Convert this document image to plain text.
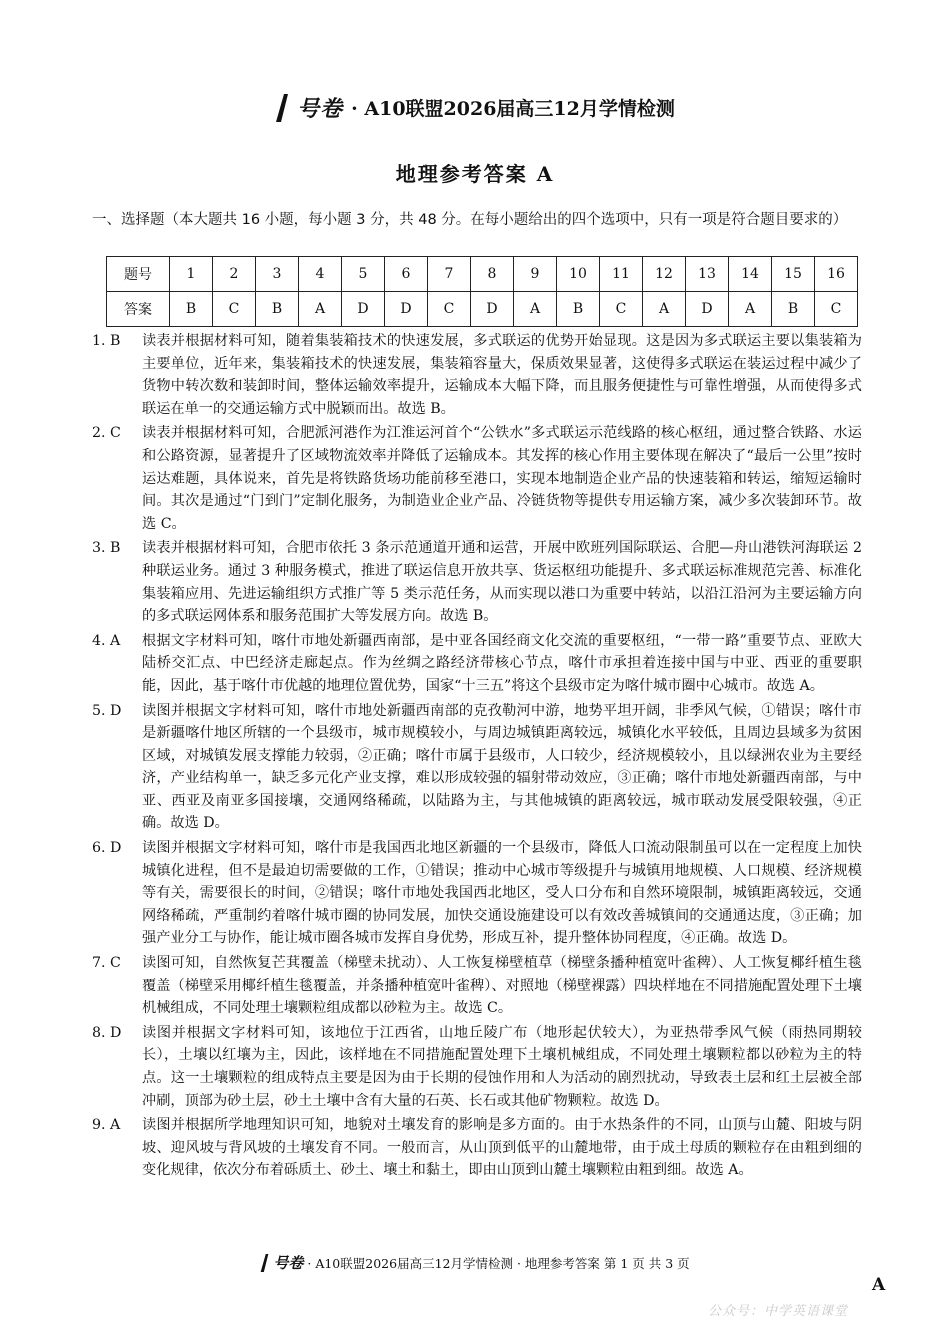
号卷 · A10联盟2026届高三12月学情检测
地理参考答案 A
一、选择题（本大题共 16 小题，每小题 3 分，共 48 分。在每小题给出的四个选项中，只有一项是符合题目要求的）
题号	1	2	3	4	5	6	7	8	9	10	11	12	13	14	15	16
答案	B	C	B	A	D	D	C	D	A	B	C	A	D	A	B	C
1. B	读表并根据材料可知，随着集装箱技术的快速发展，多式联运的优势开始显现。这是因为多式联运主要以集装箱为主要单位，近年来，集装箱技术的快速发展，集装箱容量大，保质效果显著，这使得多式联运在装运过程中减少了货物中转次数和装卸时间，整体运输效率提升，运输成本大幅下降，而且服务便捷性与可靠性增强，从而使得多式联运在单一的交通运输方式中脱颖而出。故选 B。
2. C	读表并根据材料可知，合肥派河港作为江淮运河首个“公铁水”多式联运示范线路的核心枢纽，通过整合铁路、水运和公路资源，显著提升了区域物流效率并降低了运输成本。其发挥的核心作用主要体现在解决了“最后一公里”按时运达难题，具体说来，首先是将铁路货场功能前移至港口，实现本地制造企业产品的快速装箱和转运，缩短运输时间。其次是通过“门到门”定制化服务，为制造业企业产品、冷链货物等提供专用运输方案，减少多次装卸环节。故选 C。
3. B	读表并根据材料可知，合肥市依托 3 条示范通道开通和运营，开展中欧班列国际联运、合肥—舟山港铁河海联运 2 种联运业务。通过 3 种服务模式，推进了联运信息开放共享、货运枢纽功能提升、多式联运标准规范完善、标准化集装箱应用、先进运输组织方式推广等 5 类示范任务，从而实现以港口为重要中转站，以沿江沿河为主要运输方向的多式联运网体系和服务范围扩大等发展方向。故选 B。
4. A	根据文字材料可知，喀什市地处新疆西南部，是中亚各国经商文化交流的重要枢纽，“一带一路”重要节点、亚欧大陆桥交汇点、中巴经济走廊起点。作为丝绸之路经济带核心节点，喀什市承担着连接中国与中亚、西亚的重要职能，因此，基于喀什市优越的地理位置优势，国家“十三五”将这个县级市定为喀什城市圈中心城市。故选 A。
5. D	读图并根据文字材料可知，喀什市地处新疆西南部的克孜勒河中游，地势平坦开阔，非季风气候，①错误；喀什市是新疆喀什地区所辖的一个县级市，城市规模较小，与周边城镇距离较远，城镇化水平较低，且周边县域多为贫困区域，对城镇发展支撑能力较弱，②正确；喀什市属于县级市，人口较少，经济规模较小，且以绿洲农业为主要经济，产业结构单一，缺乏多元化产业支撑，难以形成较强的辐射带动效应，③正确；喀什市地处新疆西南部，与中亚、西亚及南亚多国接壤，交通网络稀疏，以陆路为主，与其他城镇的距离较远，城市联动发展受限较强，④正确。故选 D。
6. D	读图并根据文字材料可知，喀什市是我国西北地区新疆的一个县级市，降低人口流动限制虽可以在一定程度上加快城镇化进程，但不是最迫切需要做的工作，①错误；推动中心城市等级提升与城镇用地规模、人口规模、经济规模等有关，需要很长的时间，②错误；喀什市地处我国西北地区，受人口分布和自然环境限制，城镇距离较远，交通网络稀疏，严重制约着喀什城市圈的协同发展，加快交通设施建设可以有效改善城镇间的交通通达度，③正确；加强产业分工与协作，能让城市圈各城市发挥自身优势，形成互补，提升整体协同程度，④正确。故选 D。
7. C	读图可知，自然恢复芒萁覆盖（梯壁未扰动）、人工恢复梯壁植草（梯壁条播种植宽叶雀稗）、人工恢复椰纤植生毯覆盖（梯壁采用椰纤植生毯覆盖，并条播种植宽叶雀稗）、对照地（梯壁裸露）四块样地在不同措施配置处理下土壤机械组成，不同处理土壤颗粒组成都以砂粒为主。故选 C。
8. D	读图并根据文字材料可知，该地位于江西省，山地丘陵广布（地形起伏较大），为亚热带季风气候（雨热同期较长），土壤以红壤为主，因此，该样地在不同措施配置处理下土壤机械组成，不同处理土壤颗粒都以砂粒为主的特点。这一土壤颗粒的组成特点主要是因为由于长期的侵蚀作用和人为活动的剧烈扰动，导致表土层和红土层被全部冲刷，顶部为砂土层，砂土土壤中含有大量的石英、长石或其他矿物颗粒。故选 D。
9. A	读图并根据所学地理知识可知，地貌对土壤发育的影响是多方面的。由于水热条件的不同，山顶与山麓、阳坡与阴坡、迎风坡与背风坡的土壤发育不同。一般而言，从山顶到低平的山麓地带，由于成土母质的颗粒存在由粗到细的变化规律，依次分布着砾质土、砂土、壤土和黏土，即由山顶到山麓土壤颗粒由粗到细。故选 A。
号卷 · A10联盟2026届高三12月学情检测 · 地理参考答案 第 1 页 共 3 页
A
公众号：中学英语课堂
